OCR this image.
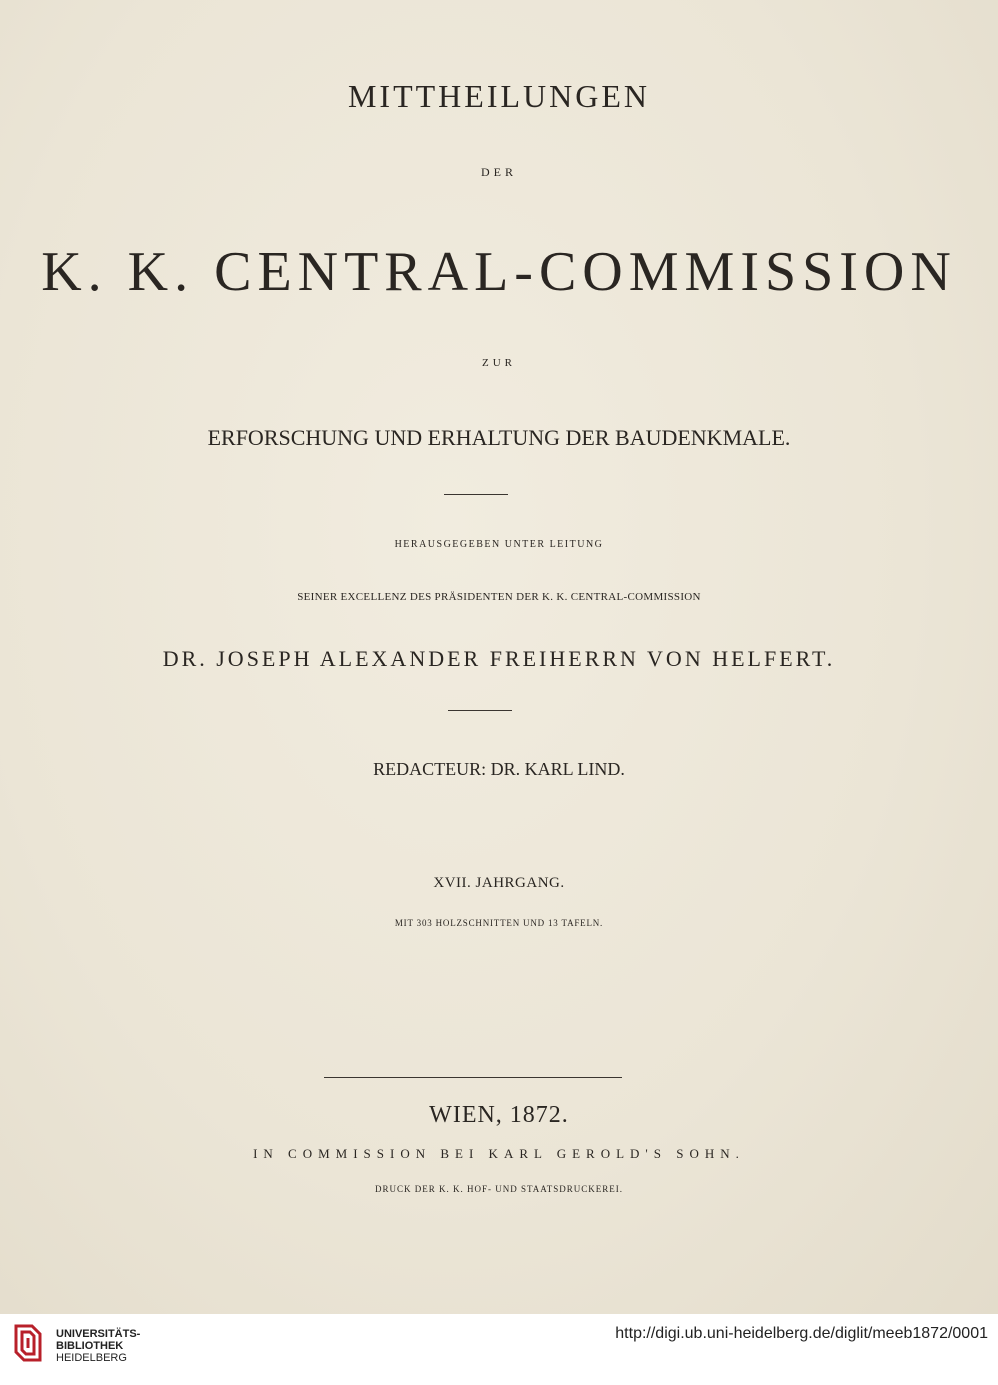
MITTHEILUNGEN
DER
K. K. CENTRAL-COMMISSION
ZUR
ERFORSCHUNG UND ERHALTUNG DER BAUDENKMALE.
HERAUSGEGEBEN UNTER LEITUNG
SEINER EXCELLENZ DES PRÄSIDENTEN DER K. K. CENTRAL-COMMISSION
DR. JOSEPH ALEXANDER FREIHERRN VON HELFERT.
REDACTEUR: DR. KARL LIND.
XVII. JAHRGANG.
MIT 303 HOLZSCHNITTEN UND 13 TAFELN.
WIEN, 1872.
IN COMMISSION BEI KARL GEROLD'S SOHN.
DRUCK DER K. K. HOF- UND STAATSDRUCKEREI.
UNIVERSITÄTS-
BIBLIOTHEK
HEIDELBERG
http://digi.ub.uni-heidelberg.de/diglit/meeb1872/0001
